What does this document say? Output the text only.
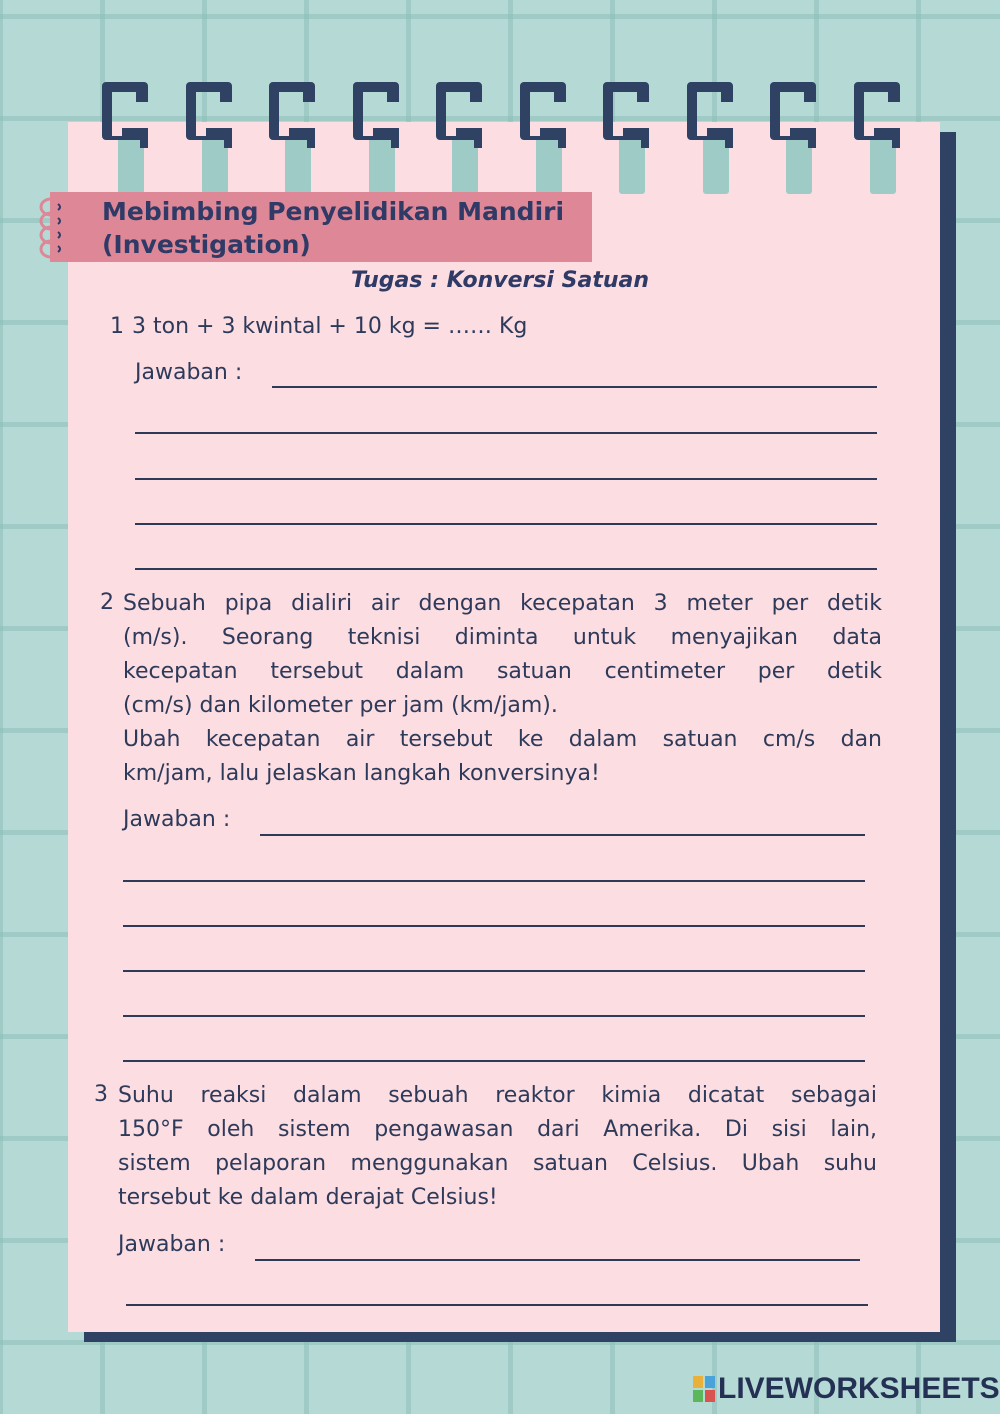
Mebimbing Penyelidikan Mandiri
(Investigation)
Tugas : Konversi Satuan
1 3 ton + 3 kwintal + 10 kg = …… Kg
Jawaban :
2 Sebuah pipa dialiri air dengan kecepatan 3 meter per detik
(m/s). Seorang teknisi diminta untuk menyajikan data
kecepatan tersebut dalam satuan centimeter per detik
(cm/s) dan kilometer per jam (km/jam).
Ubah kecepatan air tersebut ke dalam satuan cm/s dan
km/jam, lalu jelaskan langkah konversinya!
Jawaban :
3 Suhu reaksi dalam sebuah reaktor kimia dicatat sebagai
150°F oleh sistem pengawasan dari Amerika. Di sisi lain,
sistem pelaporan menggunakan satuan Celsius. Ubah suhu
tersebut ke dalam derajat Celsius!
Jawaban :
LIVEWORKSHEETS
